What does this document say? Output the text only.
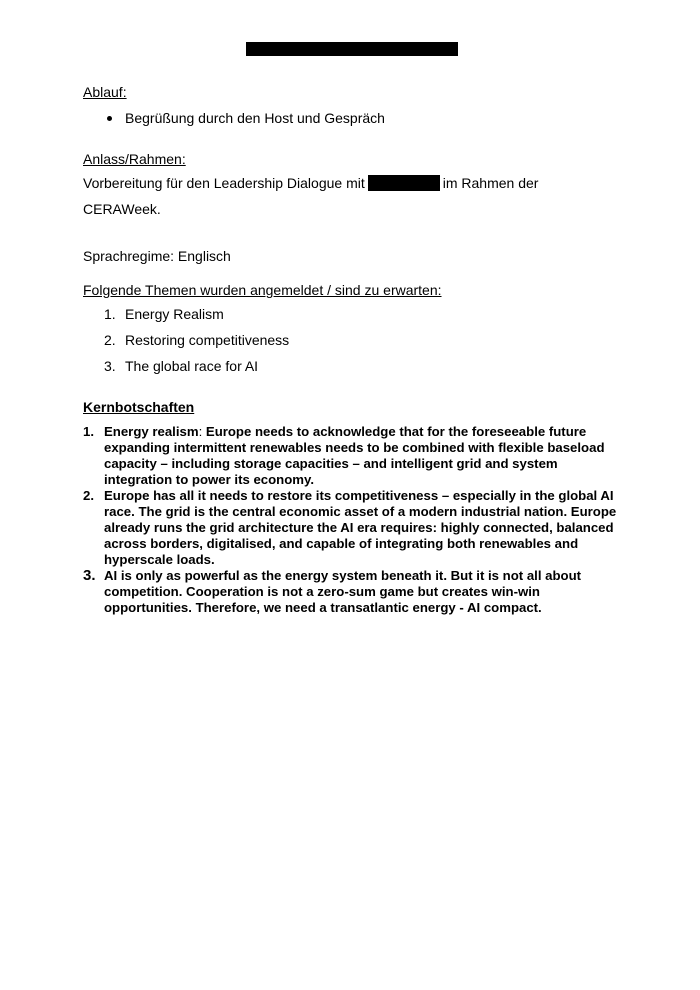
Ablauf:

Begrüßung durch den Host und Gespräch

Anlass/Rahmen:

Vorbereitung für den Leadership Dialogue mit	im Rahmen der

CERAWeek.

Sprachregime: Englisch

Folgende Themen wurden angemeldet / sind zu erwarten:

1. Energy Realism
2. Restoring competitiveness
3. The global race for AI

Kernbotschaften

1. Energy realism: Europe needs to acknowledge that for the foreseeable future expanding intermittent renewables needs to be combined with flexible baseload capacity – including storage capacities – and intelligent grid and system integration to power its economy.
2. Europe has all it needs to restore its competitiveness – especially in the global AI race. The grid is the central economic asset of a modern industrial nation. Europe already runs the grid architecture the AI era requires: highly connected, balanced across borders, digitalised, and capable of integrating both renewables and hyperscale loads.
3. AI is only as powerful as the energy system beneath it. But it is not all about competition. Cooperation is not a zero-sum game but creates win-win opportunities. Therefore, we need a transatlantic energy - AI compact.
